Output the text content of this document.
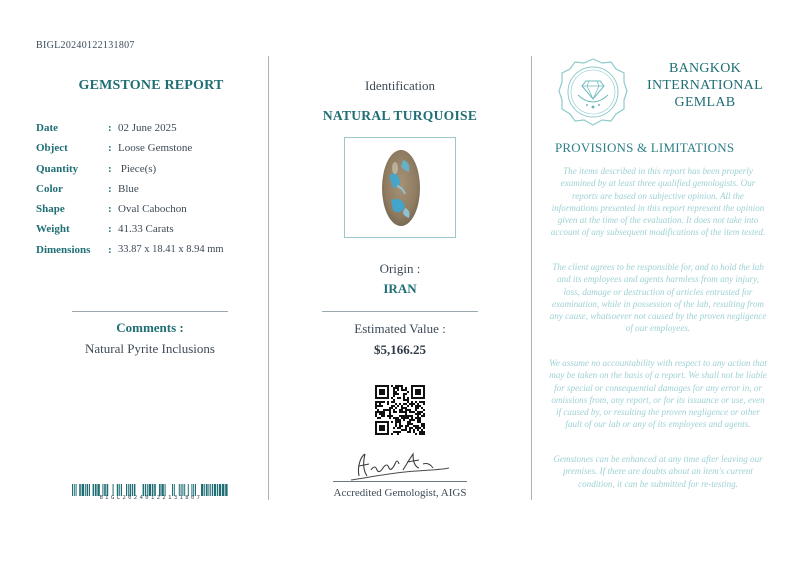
BIGL20240122131807
GEMSTONE REPORT
Date	: 02 June 2025
Object	: Loose Gemstone
Quantity	: Piece(s)
Color	: Blue
Shape	: Oval Cabochon
Weight	: 41.33 Carats
Dimensions	: 33.87 x 18.41 x 8.94 mm
Comments :
Natural Pyrite Inclusions
BIGL20240122131807
Identification
NATURAL TURQUOISE
Origin :
IRAN
Estimated Value :
$5,166.25
Accredited Gemologist, AIGS
BANGKOK
INTERNATIONAL
GEMLAB
PROVISIONS & LIMITATIONS
The items described in this report has been properly examined by at least three qualified gemologists. Our reports are based on subjective opinion. All the informations presented in this report represent the opinion given at the time of the evaluation. It does not take into account of any subsequent modifications of the item tested.
The client agrees to be responsible for, and to hold the lab and its employees and agents harmless from any injury, loss, damage or destruction of articles entrusted for examination, while in possession of the lab, resulting from any cause, whatsoever not caused by the proven negligence of our employees.
We assume no accountability with respect to any action that may be taken on the basis of a report. We shall not be liable for special or consequential damages for any error in, or omissions from, any report, or for its issuance or use, even if caused by, or resulting the proven negligence or other fault of our lab or any of its employees and agents.
Gemstones can be enhanced at any time after leaving our premises. If there are doubts about an item's current condition, it can be submitted for re-testing.
